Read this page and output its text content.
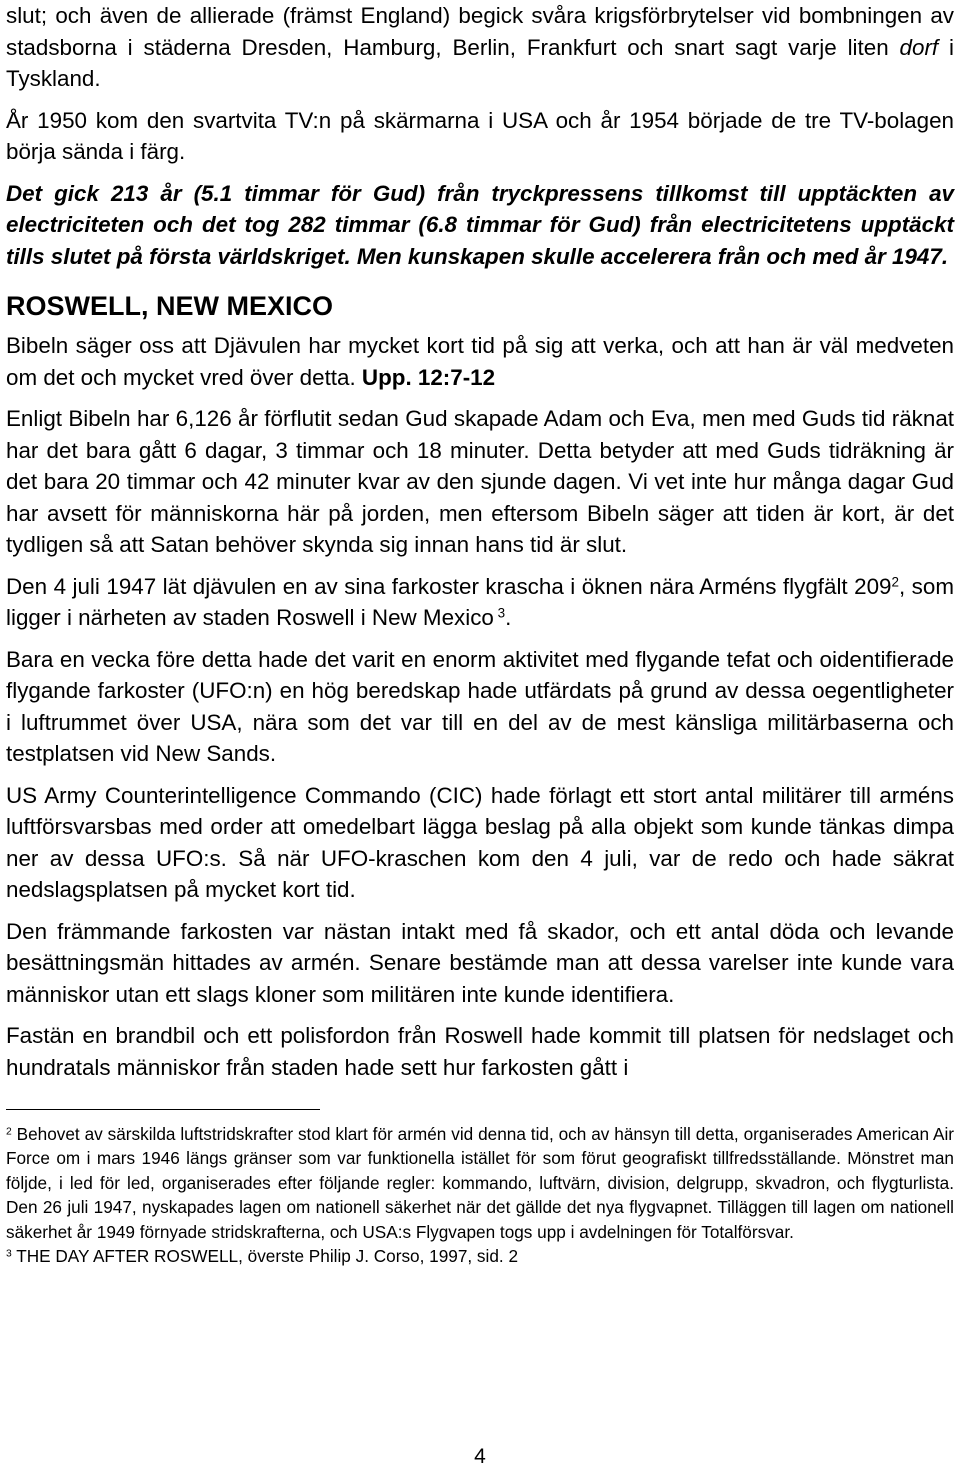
slut; och även de allierade (främst England) begick svåra krigsförbrytelser vid bombningen av stadsborna i städerna Dresden, Hamburg, Berlin, Frankfurt och snart sagt varje liten dorf i Tyskland.

År 1950 kom den svartvita TV:n på skärmarna i USA och år 1954 började de tre TV-bolagen börja sända i färg.

Det gick 213 år (5.1 timmar för Gud) från tryckpressens tillkomst till upptäckten av electriciteten och det tog 282 timmar (6.8 timmar för Gud) från electricitetens upptäckt tills slutet på första världskriget. Men kunskapen skulle accelerera från och med år 1947.

ROSWELL, NEW MEXICO

Bibeln säger oss att Djävulen har mycket kort tid på sig att verka, och att han är väl medveten om det och mycket vred över detta. Upp. 12:7-12

Enligt Bibeln har 6,126 år förflutit sedan Gud skapade Adam och Eva, men med Guds tid räknat har det bara gått 6 dagar, 3 timmar och 18 minuter. Detta betyder att med Guds tidräkning är det bara 20 timmar och 42 minuter kvar av den sjunde dagen. Vi vet inte hur många dagar Gud har avsett för människorna här på jorden, men eftersom Bibeln säger att tiden är kort, är det tydligen så att Satan behöver skynda sig innan hans tid är slut.

Den 4 juli 1947 lät djävulen en av sina farkoster krascha i öknen nära Arméns flygfält $209^2$, som ligger i närheten av staden Roswell i New Mexico $^3$.

Bara en vecka före detta hade det varit en enorm aktivitet med flygande tefat och oidentifierade flygande farkoster (UFO:n) en hög beredskap hade utfärdats på grund av dessa oegentligheter i luftrummet över USA, nära som det var till en del av de mest känsliga militärbaserna och testplatsen vid New Sands.

US Army Counterintelligence Commando (CIC) hade förlagt ett stort antal militärer till arméns luftförsvarsbas med order att omedelbart lägga beslag på alla objekt som kunde tänkas dimpa ner av dessa UFO:s. Så när UFO-kraschen kom den 4 juli, var de redo och hade säkrat nedslagsplatsen på mycket kort tid.

Den främmande farkosten var nästan intakt med få skador, och ett antal döda och levande besättningsmän hittades av armén. Senare bestämde man att dessa varelser inte kunde vara människor utan ett slags kloner som militären inte kunde identifiera.

Fastän en brandbil och ett polisfordon från Roswell hade kommit till platsen för nedslaget och hundratals människor från staden hade sett hur farkosten gått i

$^2$ Behovet av särskilda luftstridskrafter stod klart för armén vid denna tid, och av hänsyn till detta, organiserades American Air Force om i mars 1946 längs gränser som var funktionella istället för som förut geografiskt tillfredsställande. Mönstret man följde, i led för led, organiserades efter följande regler: kommando, luftvärn, division, delgrupp, skvadron, och flygturlista. Den 26 juli 1947, nyskapades lagen om nationell säkerhet när det gällde det nya flygvapnet. Tilläggen till lagen om nationell säkerhet år 1949 förnyade stridskrafterna, och USA:s Flygvapen togs upp i avdelningen för Totalförsvar.

$^3$ THE DAY AFTER ROSWELL, överste Philip J. Corso, 1997, sid. 2

4
